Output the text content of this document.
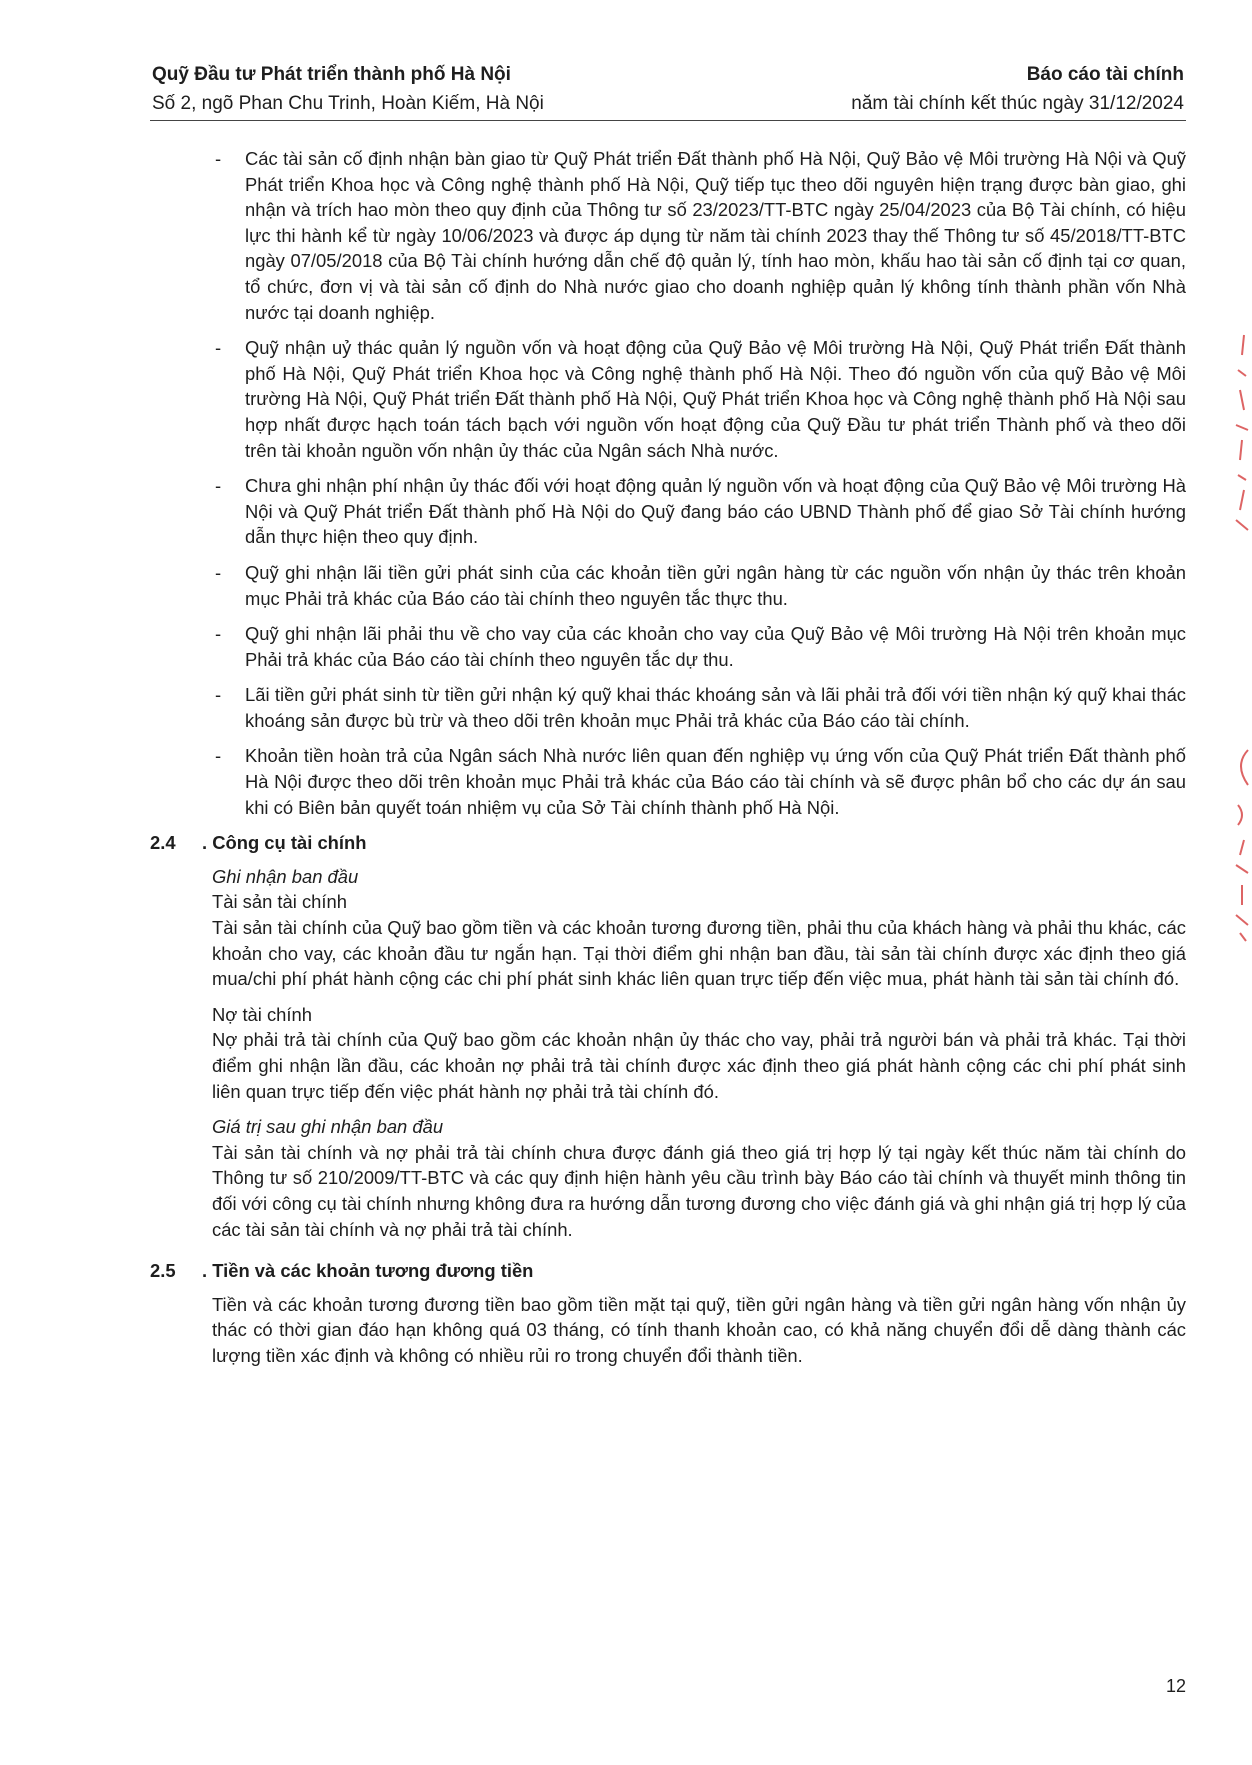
Quỹ Đầu tư Phát triển thành phố Hà Nội
Số 2, ngõ Phan Chu Trinh, Hoàn Kiếm, Hà Nội
Báo cáo tài chính
năm tài chính kết thúc ngày 31/12/2024
- Các tài sản cố định nhận bàn giao từ Quỹ Phát triển Đất thành phố Hà Nội, Quỹ Bảo vệ Môi trường Hà Nội và Quỹ Phát triển Khoa học và Công nghệ thành phố Hà Nội, Quỹ tiếp tục theo dõi nguyên hiện trạng được bàn giao, ghi nhận và trích hao mòn theo quy định của Thông tư số 23/2023/TT-BTC ngày 25/04/2023 của Bộ Tài chính, có hiệu lực thi hành kể từ ngày 10/06/2023 và được áp dụng từ năm tài chính 2023 thay thế Thông tư số 45/2018/TT-BTC ngày 07/05/2018 của Bộ Tài chính hướng dẫn chế độ quản lý, tính hao mòn, khấu hao tài sản cố định tại cơ quan, tổ chức, đơn vị và tài sản cố định do Nhà nước giao cho doanh nghiệp quản lý không tính thành phần vốn Nhà nước tại doanh nghiệp.
- Quỹ nhận uỷ thác quản lý nguồn vốn và hoạt động của Quỹ Bảo vệ Môi trường Hà Nội, Quỹ Phát triển Đất thành phố Hà Nội, Quỹ Phát triển Khoa học và Công nghệ thành phố Hà Nội. Theo đó nguồn vốn của quỹ Bảo vệ Môi trường Hà Nội, Quỹ Phát triển Đất thành phố Hà Nội, Quỹ Phát triển Khoa học và Công nghệ thành phố Hà Nội sau hợp nhất được hạch toán tách bạch với nguồn vốn hoạt động của Quỹ Đầu tư phát triển Thành phố và theo dõi trên tài khoản nguồn vốn nhận ủy thác của Ngân sách Nhà nước.
- Chưa ghi nhận phí nhận ủy thác đối với hoạt động quản lý nguồn vốn và hoạt động của Quỹ Bảo vệ Môi trường Hà Nội và Quỹ Phát triển Đất thành phố Hà Nội do Quỹ đang báo cáo UBND Thành phố để giao Sở Tài chính hướng dẫn thực hiện theo quy định.
- Quỹ ghi nhận lãi tiền gửi phát sinh của các khoản tiền gửi ngân hàng từ các nguồn vốn nhận ủy thác trên khoản mục Phải trả khác của Báo cáo tài chính theo nguyên tắc thực thu.
- Quỹ ghi nhận lãi phải thu về cho vay của các khoản cho vay của Quỹ Bảo vệ Môi trường Hà Nội trên khoản mục Phải trả khác của Báo cáo tài chính theo nguyên tắc dự thu.
- Lãi tiền gửi phát sinh từ tiền gửi nhận ký quỹ khai thác khoáng sản và lãi phải trả đối với tiền nhận ký quỹ khai thác khoáng sản được bù trừ và theo dõi trên khoản mục Phải trả khác của Báo cáo tài chính.
- Khoản tiền hoàn trả của Ngân sách Nhà nước liên quan đến nghiệp vụ ứng vốn của Quỹ Phát triển Đất thành phố Hà Nội được theo dõi trên khoản mục Phải trả khác của Báo cáo tài chính và sẽ được phân bổ cho các dự án sau khi có Biên bản quyết toán nhiệm vụ của Sở Tài chính thành phố Hà Nội.
2.4 . Công cụ tài chính
Ghi nhận ban đầu
Tài sản tài chính
Tài sản tài chính của Quỹ bao gồm tiền và các khoản tương đương tiền, phải thu của khách hàng và phải thu khác, các khoản cho vay, các khoản đầu tư ngắn hạn. Tại thời điểm ghi nhận ban đầu, tài sản tài chính được xác định theo giá mua/chi phí phát hành cộng các chi phí phát sinh khác liên quan trực tiếp đến việc mua, phát hành tài sản tài chính đó.
Nợ tài chính
Nợ phải trả tài chính của Quỹ bao gồm các khoản nhận ủy thác cho vay, phải trả người bán và phải trả khác. Tại thời điểm ghi nhận lần đầu, các khoản nợ phải trả tài chính được xác định theo giá phát hành cộng các chi phí phát sinh liên quan trực tiếp đến việc phát hành nợ phải trả tài chính đó.
Giá trị sau ghi nhận ban đầu
Tài sản tài chính và nợ phải trả tài chính chưa được đánh giá theo giá trị hợp lý tại ngày kết thúc năm tài chính do Thông tư số 210/2009/TT-BTC và các quy định hiện hành yêu cầu trình bày Báo cáo tài chính và thuyết minh thông tin đối với công cụ tài chính nhưng không đưa ra hướng dẫn tương đương cho việc đánh giá và ghi nhận giá trị hợp lý của các tài sản tài chính và nợ phải trả tài chính.
2.5 . Tiền và các khoản tương đương tiền
Tiền và các khoản tương đương tiền bao gồm tiền mặt tại quỹ, tiền gửi ngân hàng và tiền gửi ngân hàng vốn nhận ủy thác có thời gian đáo hạn không quá 03 tháng, có tính thanh khoản cao, có khả năng chuyển đổi dễ dàng thành các lượng tiền xác định và không có nhiều rủi ro trong chuyển đổi thành tiền.
12
